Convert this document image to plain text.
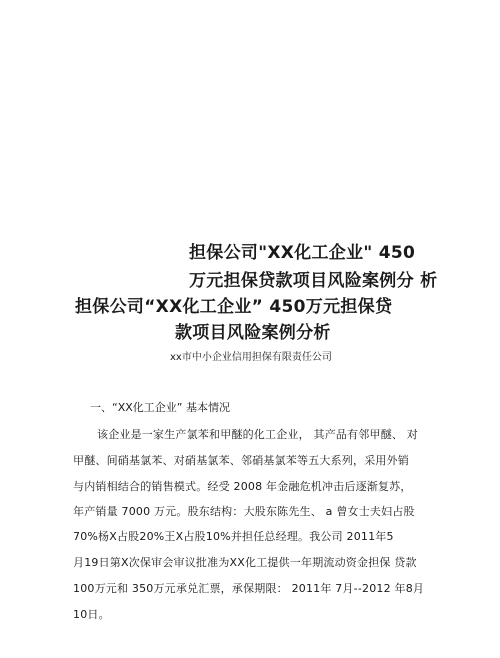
担保公司"XX化工企业" 450
万元担保贷款项目风险案例分 析
担保公司“XX化工企业” 450万元担保贷
款项目风险案例分析
xx市中小企业信用担保有限责任公司
一、“XX化工企业” 基本情况
该企业是一家生产氯苯和甲醚的化工企业， 其产品有邻甲醚、 对
甲醚、间硝基氯苯、对硝基氯苯、邻硝基氯苯等五大系列，采用外销
与内销相结合的销售模式。经受 2008 年金融危机冲击后逐渐复苏，
年产销量 7000 万元。股东结构：大股东陈先生、 a 曾女士夫妇占股
70%杨X占股20%王X占股10%并担任总经理。我公司 2011年5
月19日第X次保审会审议批准为XX化工提供一年期流动资金担保 贷款
100万元和 350万元承兑汇票，承保期限： 2011年 7月--2012 年8月
10日。
